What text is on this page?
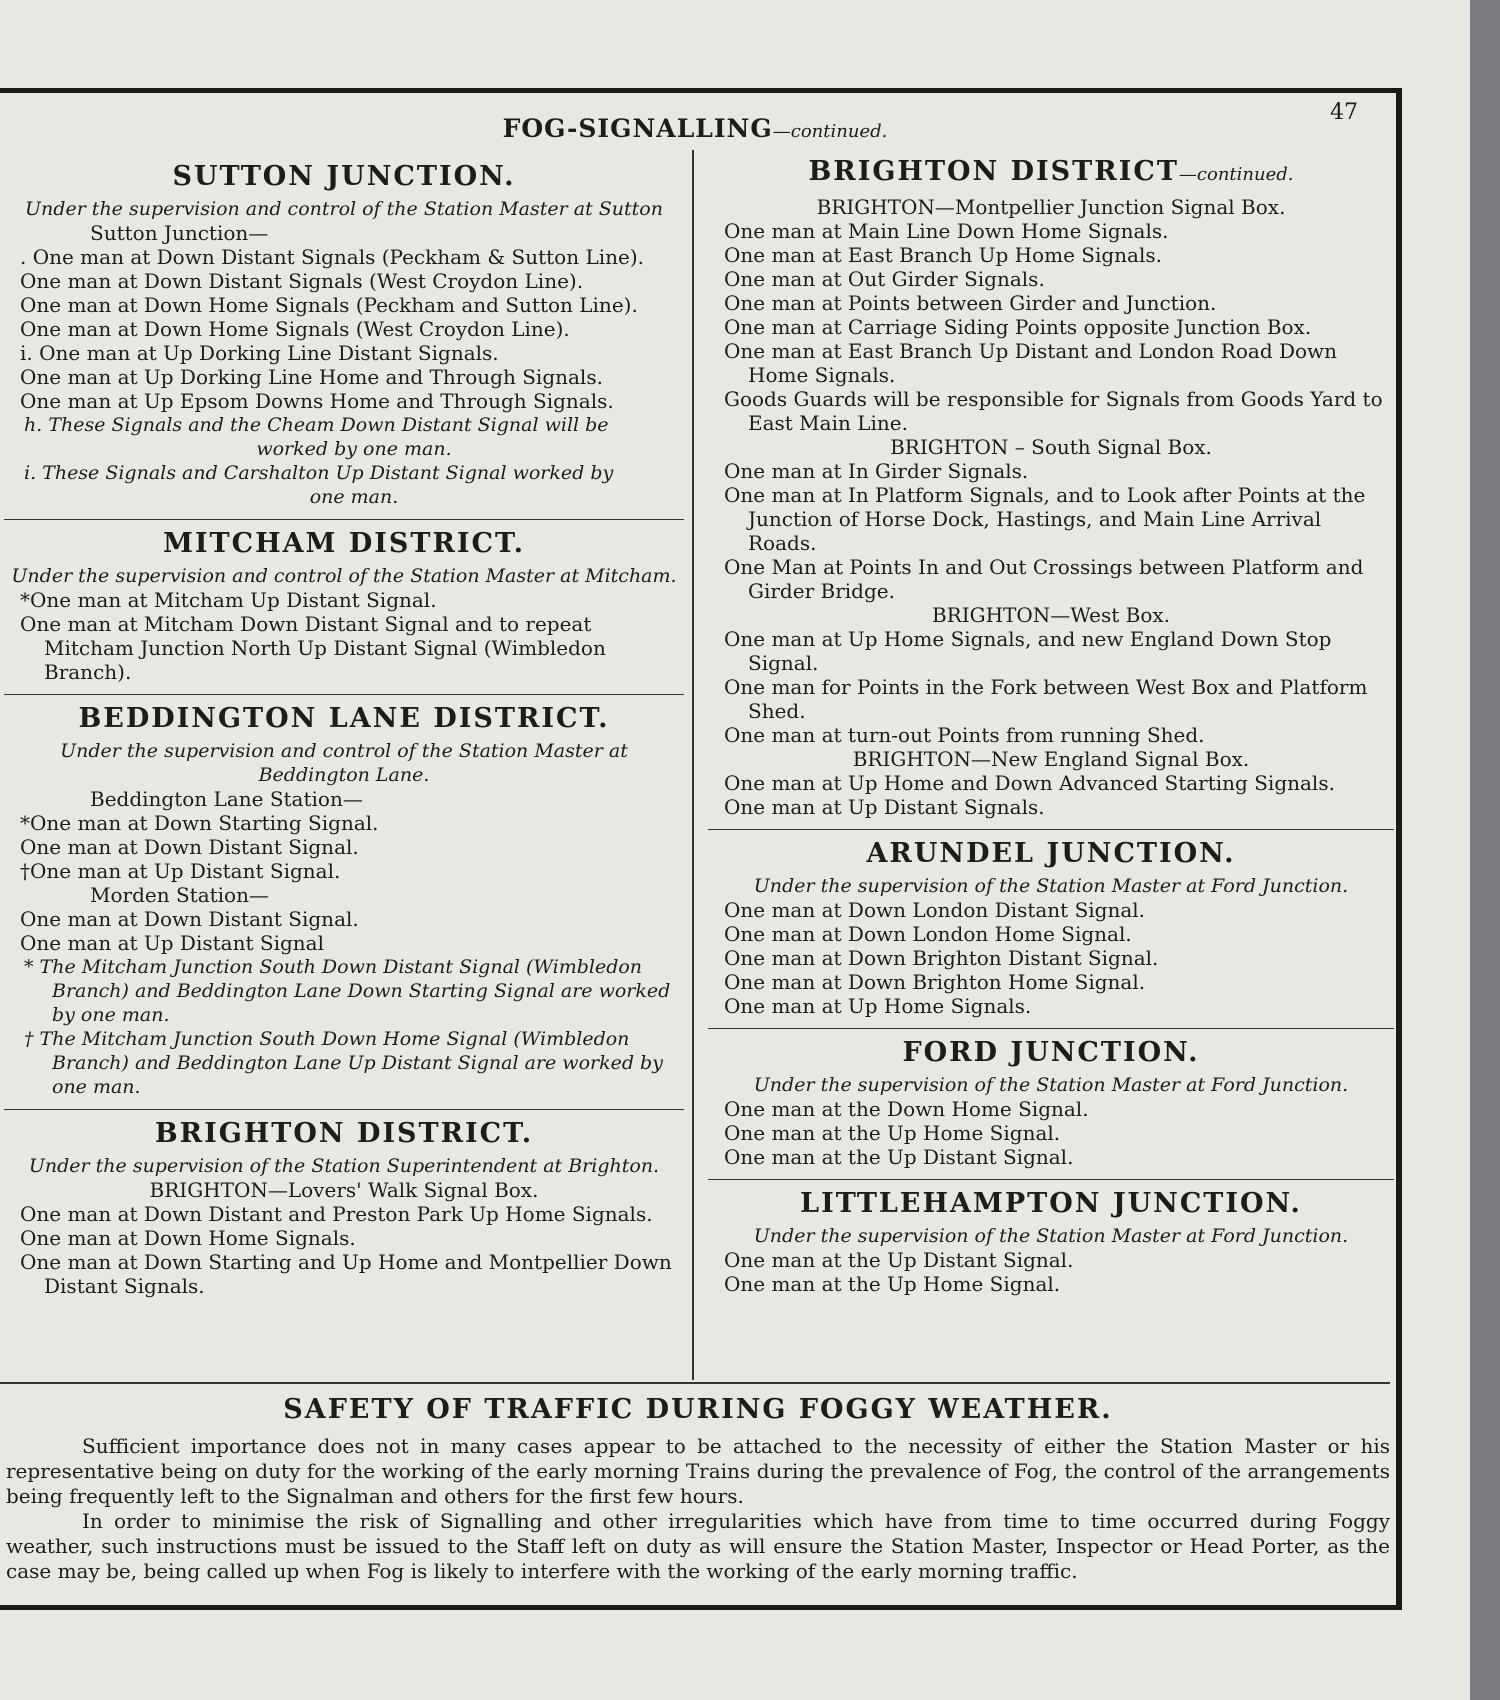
47
FOG-SIGNALLING—continued.
SUTTON JUNCTION.
Under the supervision and control of the Station Master at Sutton
Sutton Junction—
. One man at Down Distant Signals (Peckham & Sutton Line).
One man at Down Distant Signals (West Croydon Line).
One man at Down Home Signals (Peckham and Sutton Line).
One man at Down Home Signals (West Croydon Line).
i. One man at Up Dorking Line Distant Signals.
One man at Up Dorking Line Home and Through Signals.
One man at Up Epsom Downs Home and Through Signals.
h. These Signals and the Cheam Down Distant Signal will be
worked by one man.
i. These Signals and Carshalton Up Distant Signal worked by
one man.
MITCHAM DISTRICT.
Under the supervision and control of the Station Master at Mitcham.
*One man at Mitcham Up Distant Signal.
One man at Mitcham Down Distant Signal and to repeat Mitcham Junction North Up Distant Signal (Wimbledon Branch).
BEDDINGTON LANE DISTRICT.
Under the supervision and control of the Station Master at Beddington Lane.
Beddington Lane Station—
*One man at Down Starting Signal.
One man at Down Distant Signal.
†One man at Up Distant Signal.
Morden Station—
One man at Down Distant Signal.
One man at Up Distant Signal
* The Mitcham Junction South Down Distant Signal (Wimbledon Branch) and Beddington Lane Down Starting Signal are worked by one man.
† The Mitcham Junction South Down Home Signal (Wimbledon Branch) and Beddington Lane Up Distant Signal are worked by one man.
BRIGHTON DISTRICT.
Under the supervision of the Station Superintendent at Brighton.
BRIGHTON—Lovers' Walk Signal Box.
One man at Down Distant and Preston Park Up Home Signals.
One man at Down Home Signals.
One man at Down Starting and Up Home and Montpellier Down Distant Signals.
BRIGHTON DISTRICT—continued.
BRIGHTON—Montpellier Junction Signal Box.
One man at Main Line Down Home Signals.
One man at East Branch Up Home Signals.
One man at Out Girder Signals.
One man at Points between Girder and Junction.
One man at Carriage Siding Points opposite Junction Box.
One man at East Branch Up Distant and London Road Down Home Signals.
Goods Guards will be responsible for Signals from Goods Yard to East Main Line.
BRIGHTON – South Signal Box.
One man at In Girder Signals.
One man at In Platform Signals, and to Look after Points at the Junction of Horse Dock, Hastings, and Main Line Arrival Roads.
One Man at Points In and Out Crossings between Platform and Girder Bridge.
BRIGHTON—West Box.
One man at Up Home Signals, and new England Down Stop Signal.
One man for Points in the Fork between West Box and Platform Shed.
One man at turn-out Points from running Shed.
BRIGHTON—New England Signal Box.
One man at Up Home and Down Advanced Starting Signals.
One man at Up Distant Signals.
ARUNDEL JUNCTION.
Under the supervision of the Station Master at Ford Junction.
One man at Down London Distant Signal.
One man at Down London Home Signal.
One man at Down Brighton Distant Signal.
One man at Down Brighton Home Signal.
One man at Up Home Signals.
FORD JUNCTION.
Under the supervision of the Station Master at Ford Junction.
One man at the Down Home Signal.
One man at the Up Home Signal.
One man at the Up Distant Signal.
LITTLEHAMPTON JUNCTION.
Under the supervision of the Station Master at Ford Junction.
One man at the Up Distant Signal.
One man at the Up Home Signal.
SAFETY OF TRAFFIC DURING FOGGY WEATHER.

Sufficient importance does not in many cases appear to be attached to the necessity of either the Station Master or his representative being on duty for the working of the early morning Trains during the prevalence of Fog, the control of the arrangements being frequently left to the Signalman and others for the first few hours.

In order to minimise the risk of Signalling and other irregularities which have from time to time occurred during Foggy weather, such instructions must be issued to the Staff left on duty as will ensure the Station Master, Inspector or Head Porter, as the case may be, being called up when Fog is likely to interfere with the working of the early morning traffic.
